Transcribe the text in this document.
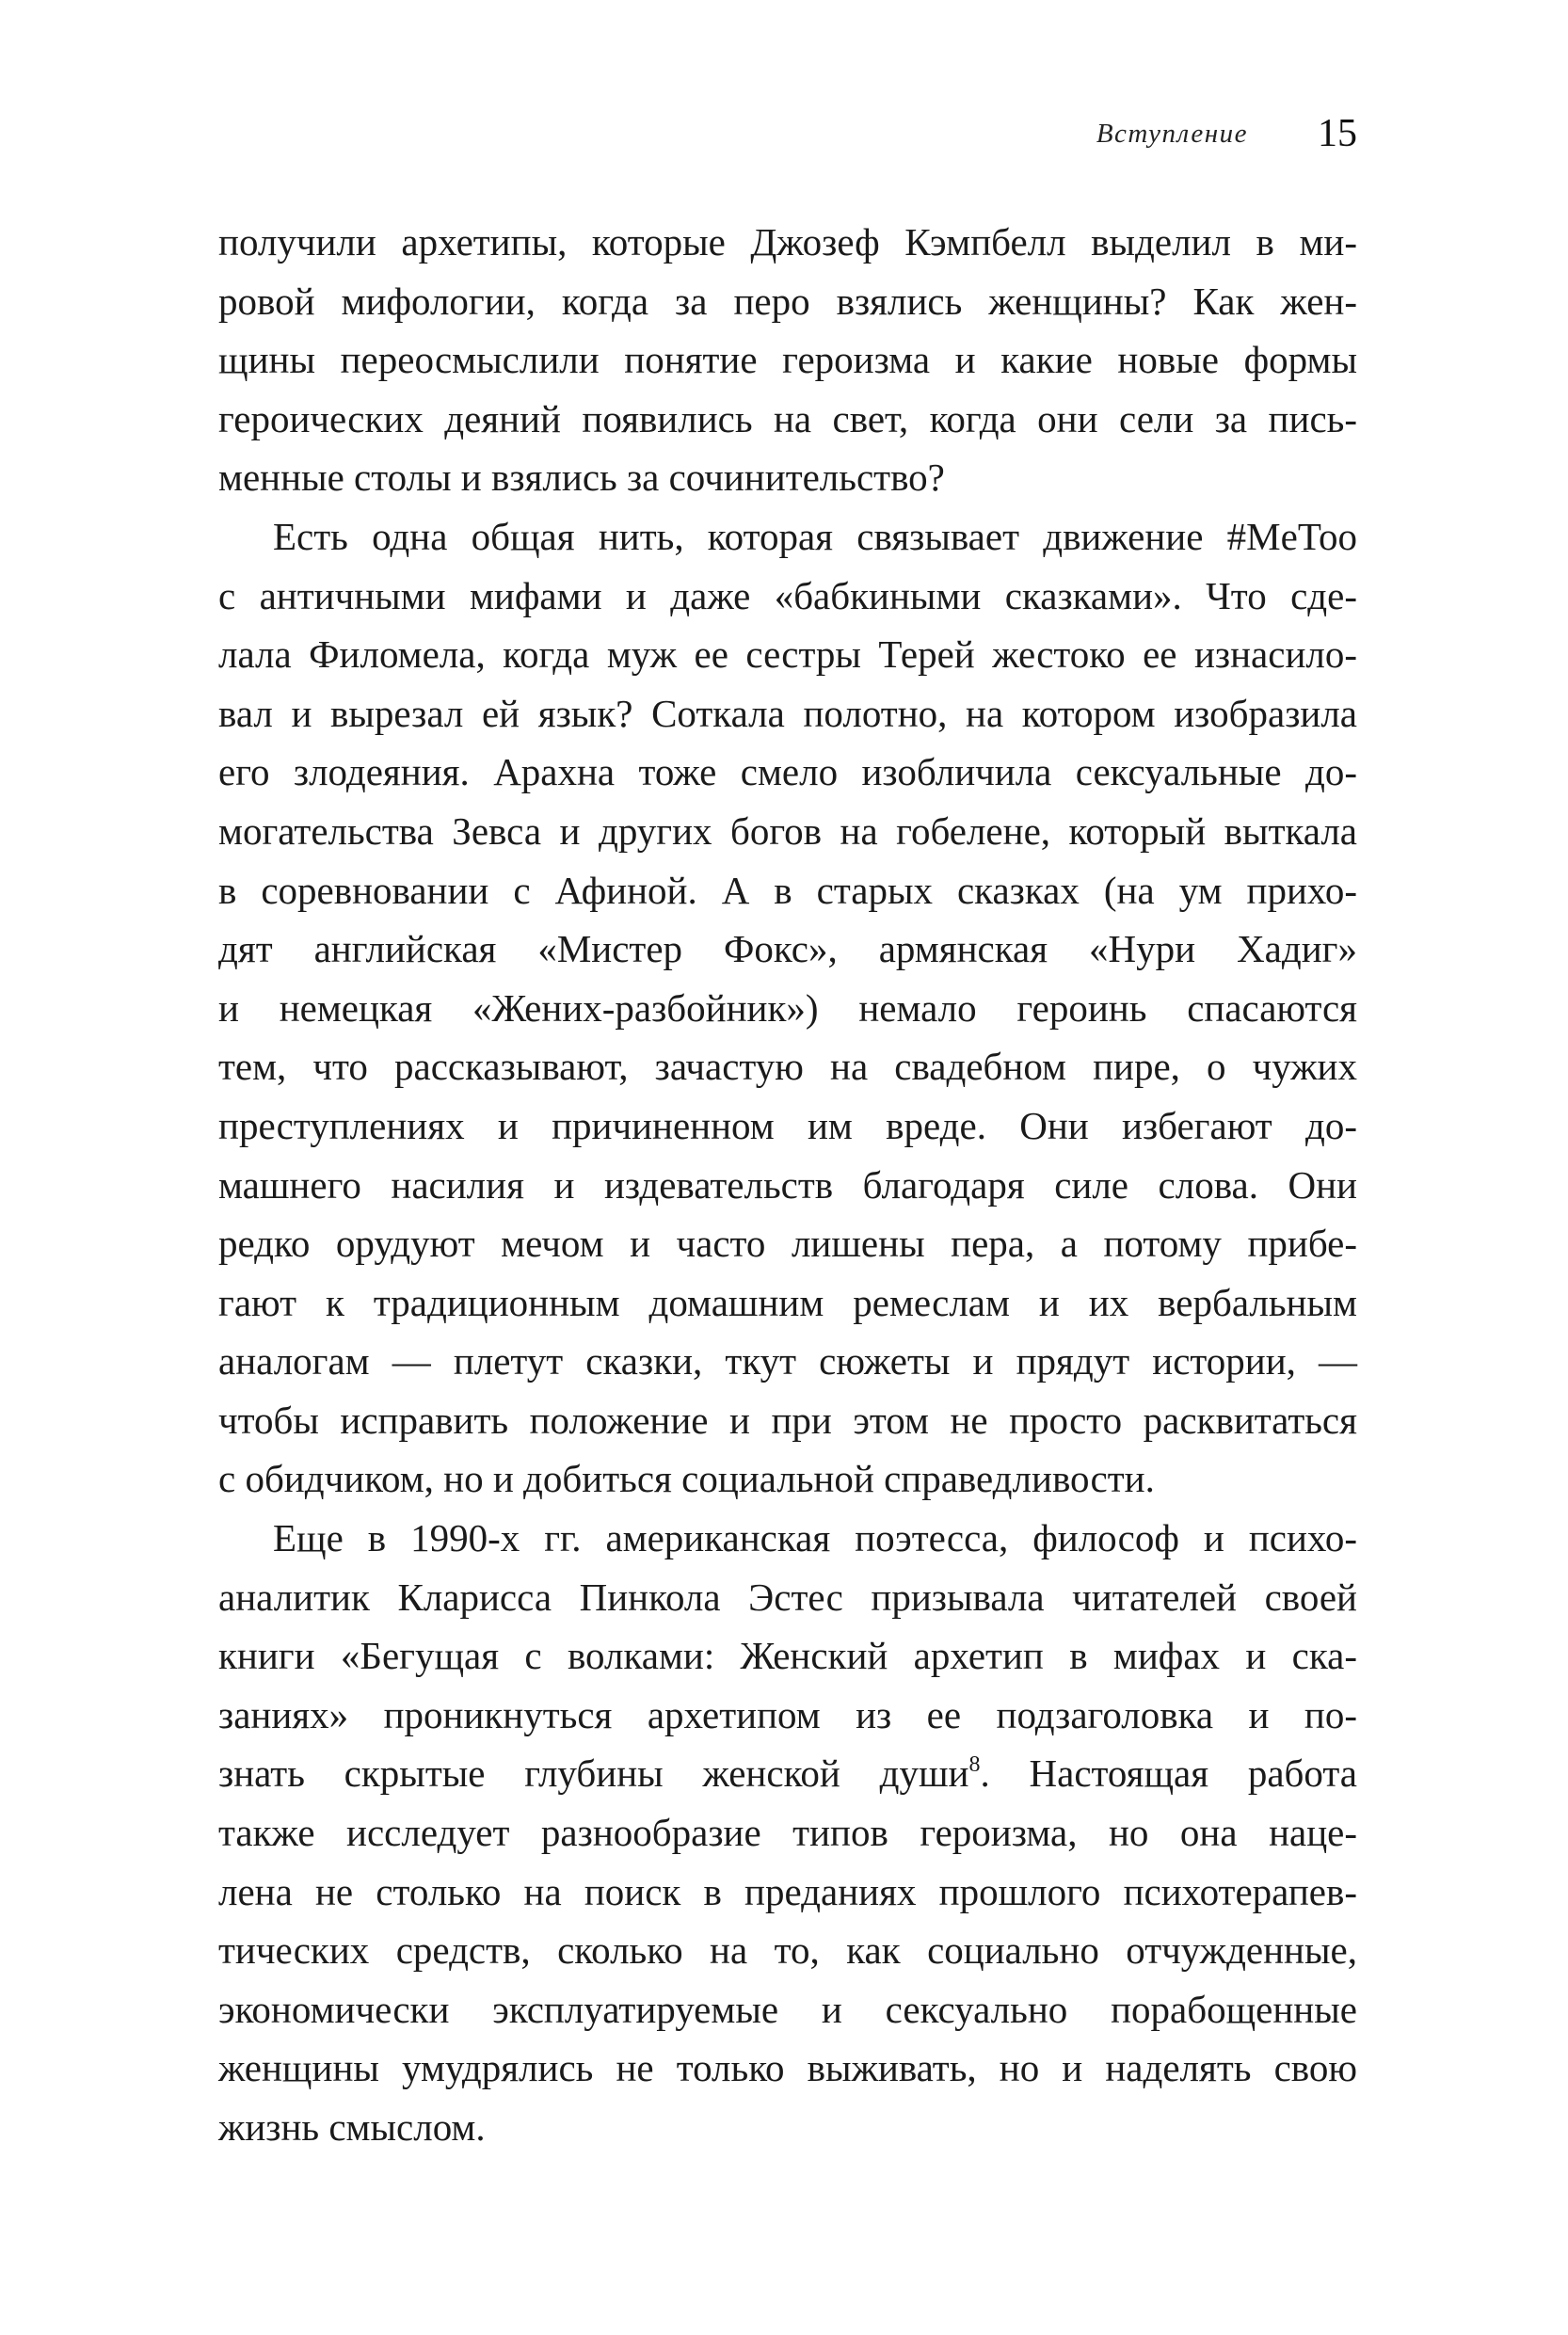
Вступление 15
получили архетипы, которые Джозеф Кэмпбелл выделил в ми-
ровой мифологии, когда за перо взялись женщины? Как жен-
щины переосмыслили понятие героизма и какие новые формы
героических деяний появились на свет, когда они сели за пись-
менные столы и взялись за сочинительство?
Есть одна общая нить, которая связывает движение #MeToo
с античными мифами и даже «бабкиными сказками». Что сде-
лала Филомела, когда муж ее сестры Терей жестоко ее изнасило-
вал и вырезал ей язык? Соткала полотно, на котором изобразила
его злодеяния. Арахна тоже смело изобличила сексуальные до-
могательства Зевса и других богов на гобелене, который выткала
в соревновании с Афиной. А в старых сказках (на ум прихо-
дят английская «Мистер Фокс», армянская «Нури Хадиг»
и немецкая «Жених-разбойник») немало героинь спасаются
тем, что рассказывают, зачастую на свадебном пире, о чужих
преступлениях и причиненном им вреде. Они избегают до-
машнего насилия и издевательств благодаря силе слова. Они
редко орудуют мечом и часто лишены пера, а потому прибе-
гают к традиционным домашним ремеслам и их вербальным
аналогам — плетут сказки, ткут сюжеты и прядут истории, —
чтобы исправить положение и при этом не просто расквитаться
с обидчиком, но и добиться социальной справедливости.
Еще в 1990-х гг. американская поэтесса, философ и психо-
аналитик Кларисса Пинкола Эстес призывала читателей своей
книги «Бегущая с волками: Женский архетип в мифах и ска-
заниях» проникнуться архетипом из ее подзаголовка и по-
знать скрытые глубины женской души$^8$. Настоящая работа
также исследует разнообразие типов героизма, но она наце-
лена не столько на поиск в преданиях прошлого психотерапев-
тических средств, сколько на то, как социально отчужденные,
экономически эксплуатируемые и сексуально порабощенные
женщины умудрялись не только выживать, но и наделять свою
жизнь смыслом.
